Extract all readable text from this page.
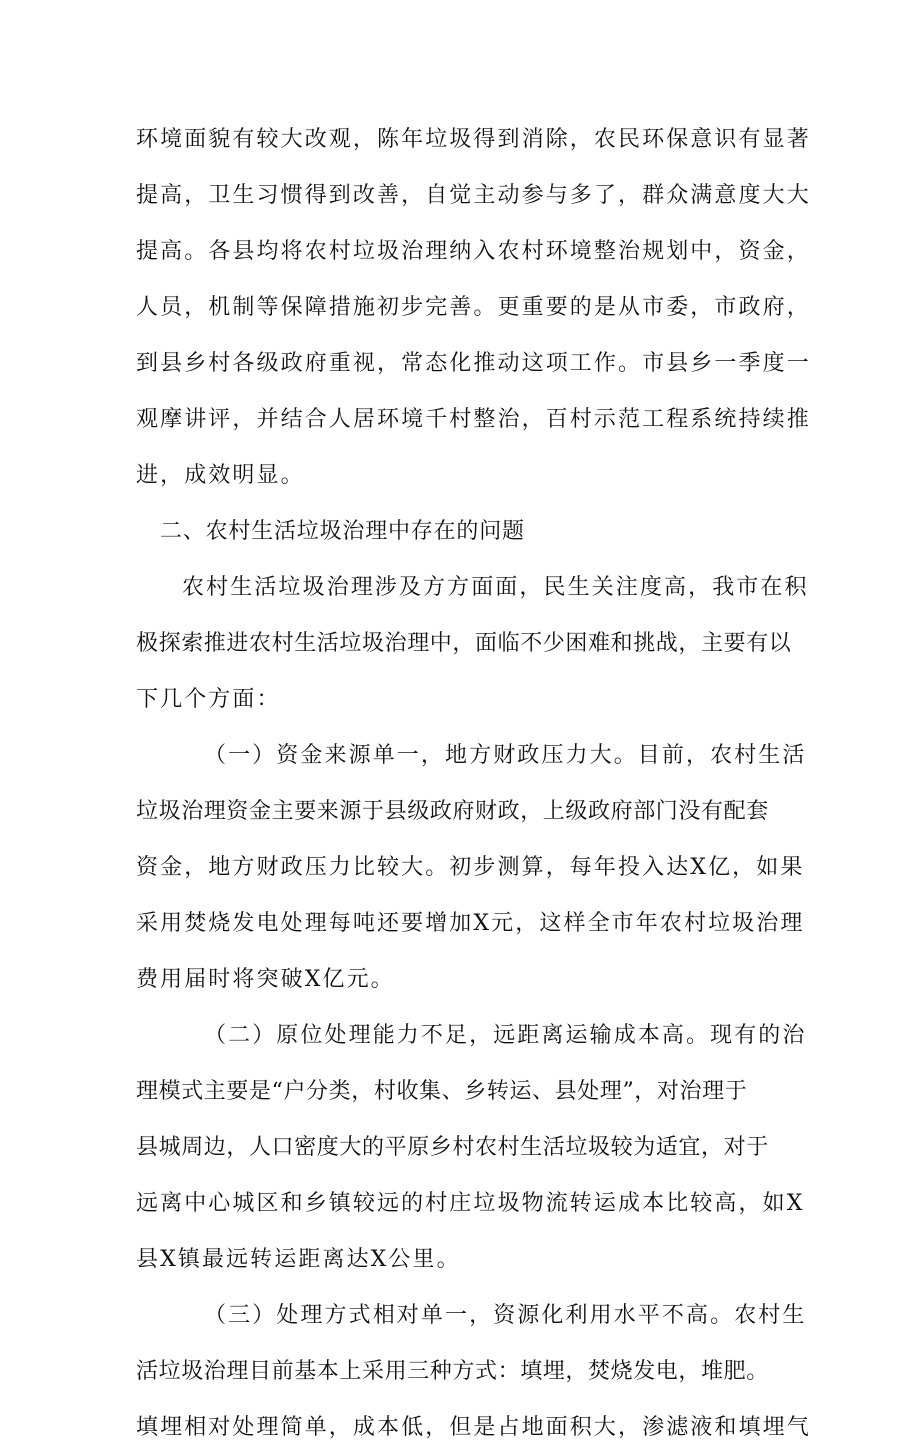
环境面貌有较大改观，陈年垃圾得到消除，农民环保意识有显著
提高，卫生习惯得到改善，自觉主动参与多了，群众满意度大大
提高。各县均将农村垃圾治理纳入农村环境整治规划中，资金，
人员，机制等保障措施初步完善。更重要的是从市委，市政府，
到县乡村各级政府重视，常态化推动这项工作。市县乡一季度一
观摩讲评，并结合人居环境千村整治，百村示范工程系统持续推
进，成效明显。
二、农村生活垃圾治理中存在的问题
农村生活垃圾治理涉及方方面面，民生关注度高，我市在积
极探索推进农村生活垃圾治理中，面临不少困难和挑战，主要有以
下几个方面：
（一）资金来源单一，地方财政压力大。目前，农村生活
垃圾治理资金主要来源于县级政府财政，上级政府部门没有配套
资金，地方财政压力比较大。初步测算，每年投入达X亿，如果
采用焚烧发电处理每吨还要增加X元，这样全市年农村垃圾治理
费用届时将突破X亿元。
（二）原位处理能力不足，远距离运输成本高。现有的治
理模式主要是“户分类，村收集、乡转运、县处理”，对治理于
县城周边，人口密度大的平原乡村农村生活垃圾较为适宜，对于
远离中心城区和乡镇较远的村庄垃圾物流转运成本比较高，如X
县X镇最远转运距离达X公里。
（三）处理方式相对单一，资源化利用水平不高。农村生
活垃圾治理目前基本上采用三种方式：填埋，焚烧发电，堆肥。
填埋相对处理简单，成本低，但是占地面积大，渗滤液和填埋气
